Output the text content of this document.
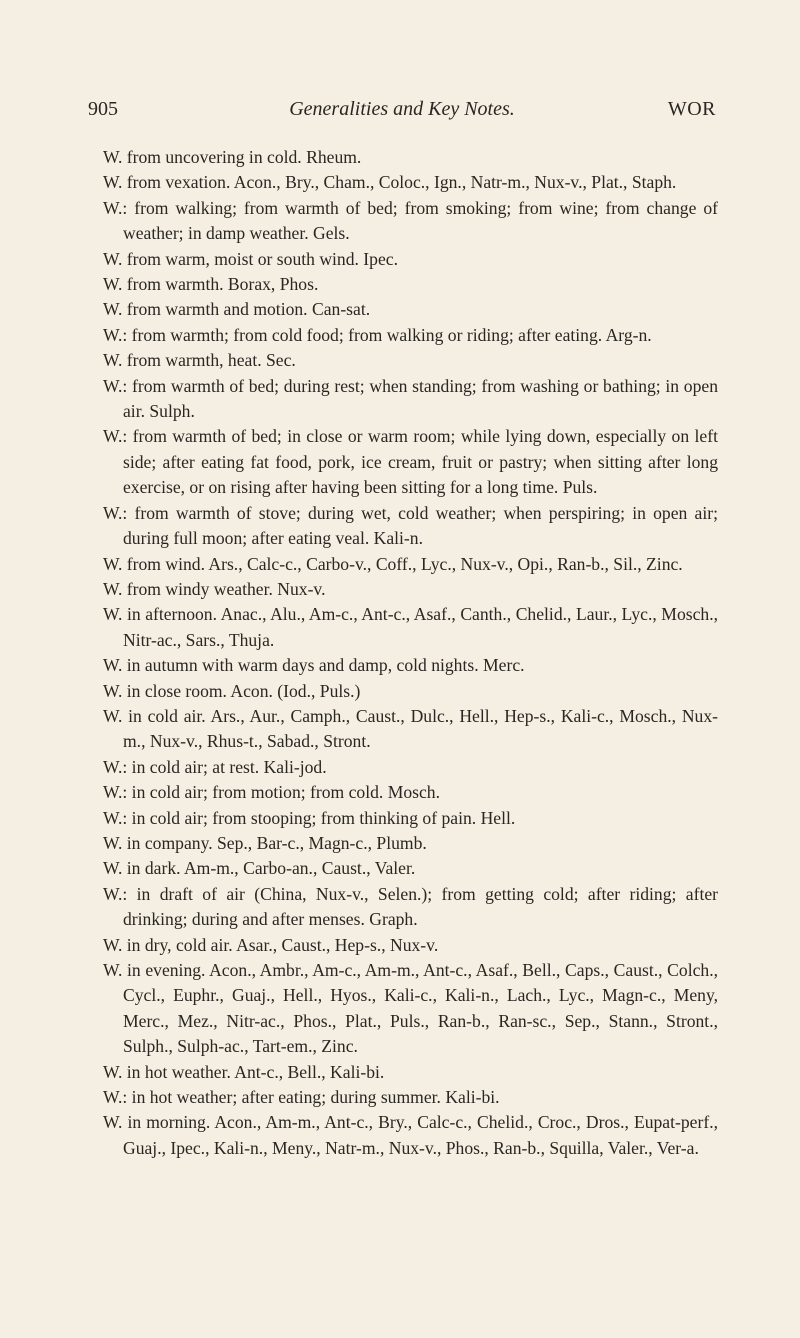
905	Generalities and Key Notes.	WOR

W. from uncovering in cold. Rheum.

W. from vexation. Acon., Bry., Cham., Coloc., Ign., Natr-m., Nux-v., Plat., Staph.

W.: from walking; from warmth of bed; from smoking; from wine; from change of weather; in damp weather. Gels.

W. from warm, moist or south wind. Ipec.

W. from warmth. Borax, Phos.

W. from warmth and motion. Can-sat.

W.: from warmth; from cold food; from walking or riding; after eating. Arg-n.

W. from warmth, heat. Sec.

W.: from warmth of bed; during rest; when standing; from washing or bathing; in open air. Sulph.

W.: from warmth of bed; in close or warm room; while lying down, especially on left side; after eating fat food, pork, ice cream, fruit or pastry; when sitting after long exercise, or on rising after having been sitting for a long time. Puls.

W.: from warmth of stove; during wet, cold weather; when perspiring; in open air; during full moon; after eating veal. Kali-n.

W. from wind. Ars., Calc-c., Carbo-v., Coff., Lyc., Nux-v., Opi., Ran-b., Sil., Zinc.

W. from windy weather. Nux-v.

W. in afternoon. Anac., Alu., Am-c., Ant-c., Asaf., Canth., Chelid., Laur., Lyc., Mosch., Nitr-ac., Sars., Thuja.

W. in autumn with warm days and damp, cold nights. Merc.

W. in close room. Acon. (Iod., Puls.)

W. in cold air. Ars., Aur., Camph., Caust., Dulc., Hell., Hep-s., Kali-c., Mosch., Nux-m., Nux-v., Rhus-t., Sabad., Stront.

W.: in cold air; at rest. Kali-jod.

W.: in cold air; from motion; from cold. Mosch.

W.: in cold air; from stooping; from thinking of pain. Hell.

W. in company. Sep., Bar-c., Magn-c., Plumb.

W. in dark. Am-m., Carbo-an., Caust., Valer.

W.: in draft of air (China, Nux-v., Selen.); from getting cold; after riding; after drinking; during and after menses. Graph.

W. in dry, cold air. Asar., Caust., Hep-s., Nux-v.

W. in evening. Acon., Ambr., Am-c., Am-m., Ant-c., Asaf., Bell., Caps., Caust., Colch., Cycl., Euphr., Guaj., Hell., Hyos., Kali-c., Kali-n., Lach., Lyc., Magn-c., Meny, Merc., Mez., Nitr-ac., Phos., Plat., Puls., Ran-b., Ran-sc., Sep., Stann., Stront., Sulph., Sulph-ac., Tart-em., Zinc.

W. in hot weather. Ant-c., Bell., Kali-bi.

W.: in hot weather; after eating; during summer. Kali-bi.

W. in morning. Acon., Am-m., Ant-c., Bry., Calc-c., Chelid., Croc., Dros., Eupat-perf., Guaj., Ipec., Kali-n., Meny., Natr-m., Nux-v., Phos., Ran-b., Squilla, Valer., Ver-a.
